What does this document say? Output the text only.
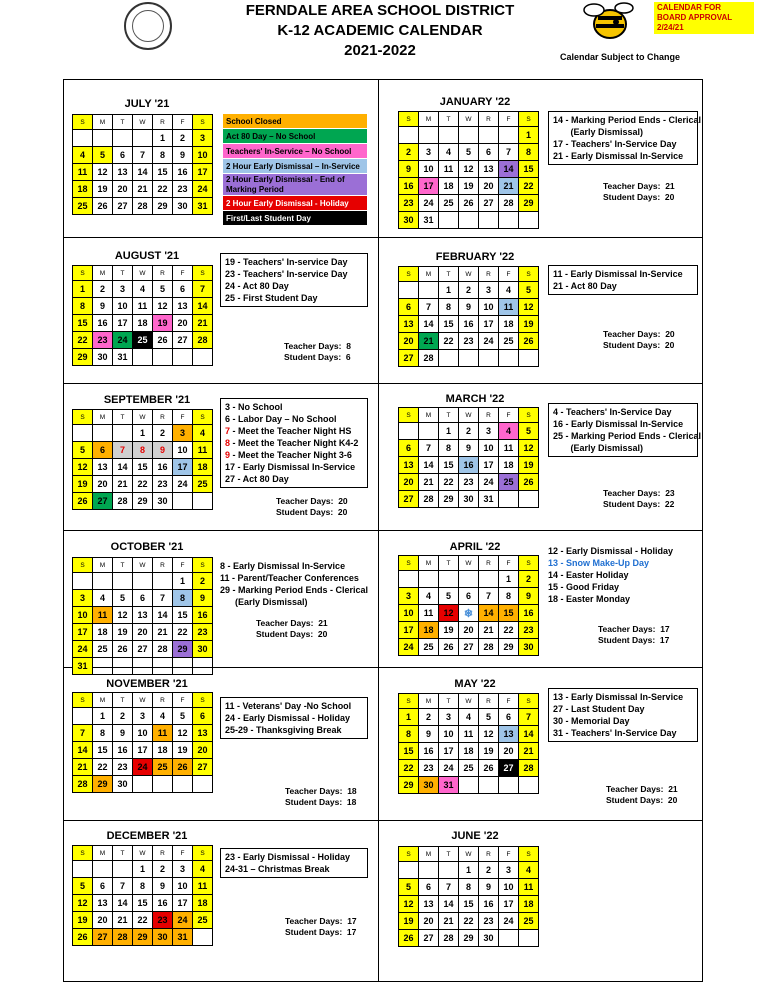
FERNDALE AREA SCHOOL DISTRICT
K-12 ACADEMIC CALENDAR
2021-2022
CALENDAR FOR
BOARD APPROVAL
2/24/21
Calendar Subject to Change
School Closed
Act 80 Day – No School
Teachers' In-Service – No School
2 Hour Early Dismissal – In-Service
2 Hour Early Dismissal - End of Marking Period
2 Hour Early Dismissal - Holiday
First/Last Student Day
JULY '21
S	M	T	W	R	F	S
				1	2	3
4	5	6	7	8	9	10
11	12	13	14	15	16	17
18	19	20	21	22	23	24
25	26	27	28	29	30	31
AUGUST '21
S	M	T	W	R	F	S
1	2	3	4	5	6	7
8	9	10	11	12	13	14
15	16	17	18	19	20	21
22	23	24	25	26	27	28
29	30	31				
19 - Teachers' In-service Day
23 - Teachers' In-service Day
24 - Act 80 Day
25 - First Student Day
Teacher Days:  8
Student Days:  6
SEPTEMBER '21
S	M	T	W	R	F	S
			1	2	3	4
5	6	7	8	9	10	11
12	13	14	15	16	17	18
19	20	21	22	23	24	25
26	27	28	29	30		
3 - No School
6 - Labor Day – No School
7 - Meet the Teacher Night HS
8 - Meet the Teacher Night K4-2
9 - Meet the Teacher Night 3-6
17 - Early Dismissal In-Service
27 - Act 80 Day
Teacher Days:  20
Student Days:  20
OCTOBER '21
S	M	T	W	R	F	S
					1	2
3	4	5	6	7	8	9
10	11	12	13	14	15	16
17	18	19	20	21	22	23
24	25	26	27	28	29	30
31						
8 - Early Dismissal In-Service
11 - Parent/Teacher Conferences
29 - Marking Period Ends - Clerical
(Early Dismissal)
Teacher Days:  21
Student Days:  20
NOVEMBER '21
S	M	T	W	R	F	S
	1	2	3	4	5	6
7	8	9	10	11	12	13
14	15	16	17	18	19	20
21	22	23	24	25	26	27
28	29	30				
11 - Veterans' Day -No School
24 - Early Dismissal - Holiday
25-29 - Thanksgiving Break
Teacher Days:  18
Student Days:  18
DECEMBER '21
S	M	T	W	R	F	S
			1	2	3	4
5	6	7	8	9	10	11
12	13	14	15	16	17	18
19	20	21	22	23	24	25
26	27	28	29	30	31	
23 - Early Dismissal - Holiday
24-31 – Christmas Break
Teacher Days:  17
Student Days:  17
JANUARY '22
S	M	T	W	R	F	S
						1
2	3	4	5	6	7	8
9	10	11	12	13	14	15
16	17	18	19	20	21	22
23	24	25	26	27	28	29
30	31					
14 - Marking Period Ends - Clerical
(Early Dismissal)
17 - Teachers' In-Service Day
21 - Early Dismissal In-Service
Teacher Days:  21
Student Days:  20
FEBRUARY '22
S	M	T	W	R	F	S
		1	2	3	4	5
6	7	8	9	10	11	12
13	14	15	16	17	18	19
20	21	22	23	24	25	26
27	28					
11 - Early Dismissal In-Service
21 - Act 80 Day
Teacher Days:  20
Student Days:  20
MARCH '22
S	M	T	W	R	F	S
		1	2	3	4	5
6	7	8	9	10	11	12
13	14	15	16	17	18	19
20	21	22	23	24	25	26
27	28	29	30	31		
4 - Teachers' In-Service Day
16 - Early Dismissal In-Service
25 - Marking Period Ends - Clerical
(Early Dismissal)
Teacher Days:  23
Student Days:  22
APRIL '22
S	M	T	W	R	F	S
					1	2
3	4	5	6	7	8	9
10	11	12	❄	14	15	16
17	18	19	20	21	22	23
24	25	26	27	28	29	30
12 - Early Dismissal - Holiday
13 - Snow Make-Up Day
14 - Easter Holiday
15 - Good Friday
18 - Easter Monday
Teacher Days:  17
Student Days:  17
MAY '22
S	M	T	W	R	F	S
1	2	3	4	5	6	7
8	9	10	11	12	13	14
15	16	17	18	19	20	21
22	23	24	25	26	27	28
29	30	31				
13 - Early Dismissal In-Service
27 - Last Student Day
30 - Memorial Day
31 - Teachers' In-Service Day
Teacher Days:  21
Student Days:  20
JUNE '22
S	M	T	W	R	F	S
			1	2	3	4
5	6	7	8	9	10	11
12	13	14	15	16	17	18
19	20	21	22	23	24	25
26	27	28	29	30		
